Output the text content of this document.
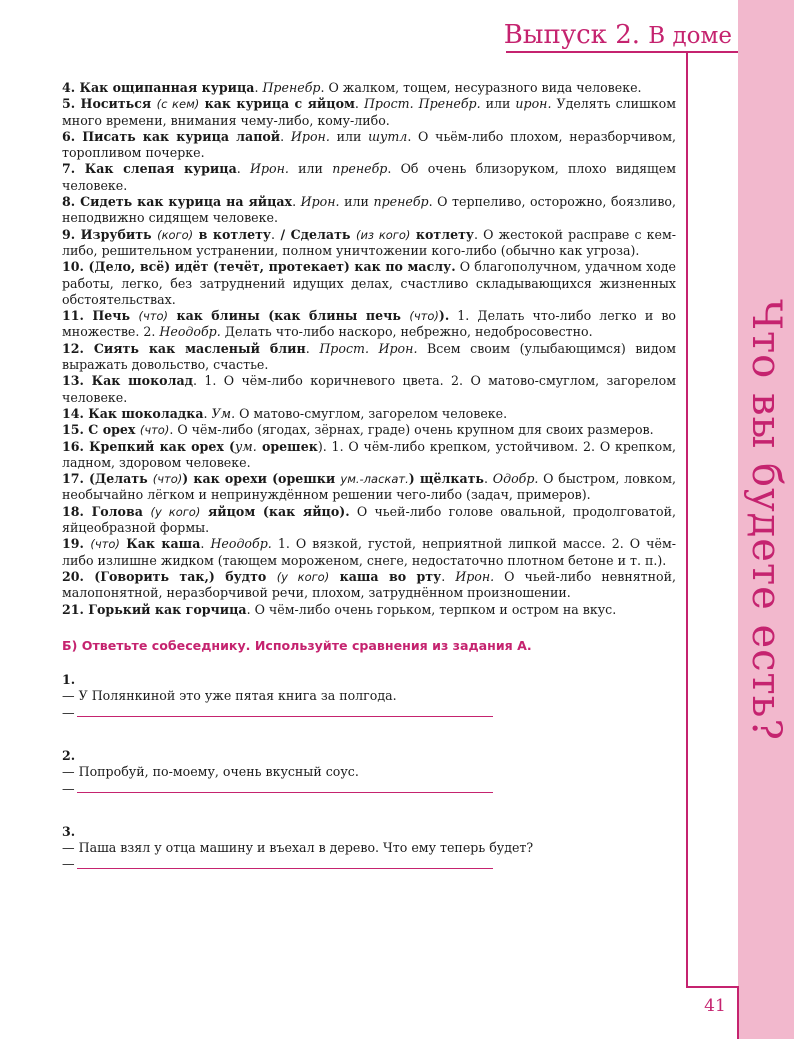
Что вы будете есть?
Выпуск 2. В доме
41

4. Как ощипанная курица. Пренебр. О жалком, тощем, несуразного вида человеке.

5. Носиться (с кем) как курица с яйцом. Прост. Пренебр. или ирон. Уделять слишком много времени, внимания чему-либо, кому-либо.

6. Писать как курица лапой. Ирон. или шутл. О чьём-либо плохом, неразборчивом, торопливом почерке.

7. Как слепая курица. Ирон. или пренебр. Об очень близоруком, плохо видящем человеке.

8. Сидеть как курица на яйцах. Ирон. или пренебр. О терпеливо, осторожно, боязливо, неподвижно сидящем человеке.

9. Изрубить (кого) в котлету. / Сделать (из кого) котлету. О жестокой расправе с кем-либо, решительном устранении, полном уничтожении кого-либо (обычно как угроза).

10. (Дело, всё) идёт (течёт, протекает) как по маслу. О благополучном, удачном ходе работы, легко, без затруднений идущих делах, счастливо складывающихся жизненных обстоятельствах.

11. Печь (что) как блины (как блины печь (что)). 1. Делать что-либо легко и во множестве. 2. Неодобр. Делать что-либо наскоро, небрежно, недобросовестно.

12. Сиять как масленый блин. Прост. Ирон. Всем своим (улыбающимся) видом выражать довольство, счастье.

13. Как шоколад. 1. О чём-либо коричневого цвета. 2. О матово-смуглом, загорелом человеке.

14. Как шоколадка. Ум. О матово-смуглом, загорелом человеке.

15. С орех (что). О чём-либо (ягодах, зёрнах, граде) очень крупном для своих размеров.

16. Крепкий как орех (ум. орешек). 1. О чём-либо крепком, устойчивом. 2. О крепком, ладном, здоровом человеке.

17. (Делать (что)) как орехи (орешки ум.-ласкат.) щёлкать. Одобр. О быстром, ловком, необычайно лёгком и непринуждённом решении чего-либо (задач, примеров).

18. Голова (у кого) яйцом (как яйцо). О чьей-либо голове овальной, продолговатой, яйцеобразной формы.

19. (что) Как каша. Неодобр. 1. О вязкой, густой, неприятной липкой массе. 2. О чём-либо излишне жидком (тающем мороженом, снеге, недостаточно плотном бетоне и т. п.).

20. (Говорить так,) будто (у кого) каша во рту. Ирон. О чьей-либо невнятной, малопонятной, неразборчивой речи, плохом, затруднённом произношении.

21. Горький как горчица. О чём-либо очень горьком, терпком и остром на вкус.

Б) Ответьте собеседнику. Используйте сравнения из задания А.

1.

— У Полянкиной это уже пятая книга за полгода.

—

2.

— Попробуй, по-моему, очень вкусный соус.

—

3.

— Паша взял у отца машину и въехал в дерево. Что ему теперь будет?

—
